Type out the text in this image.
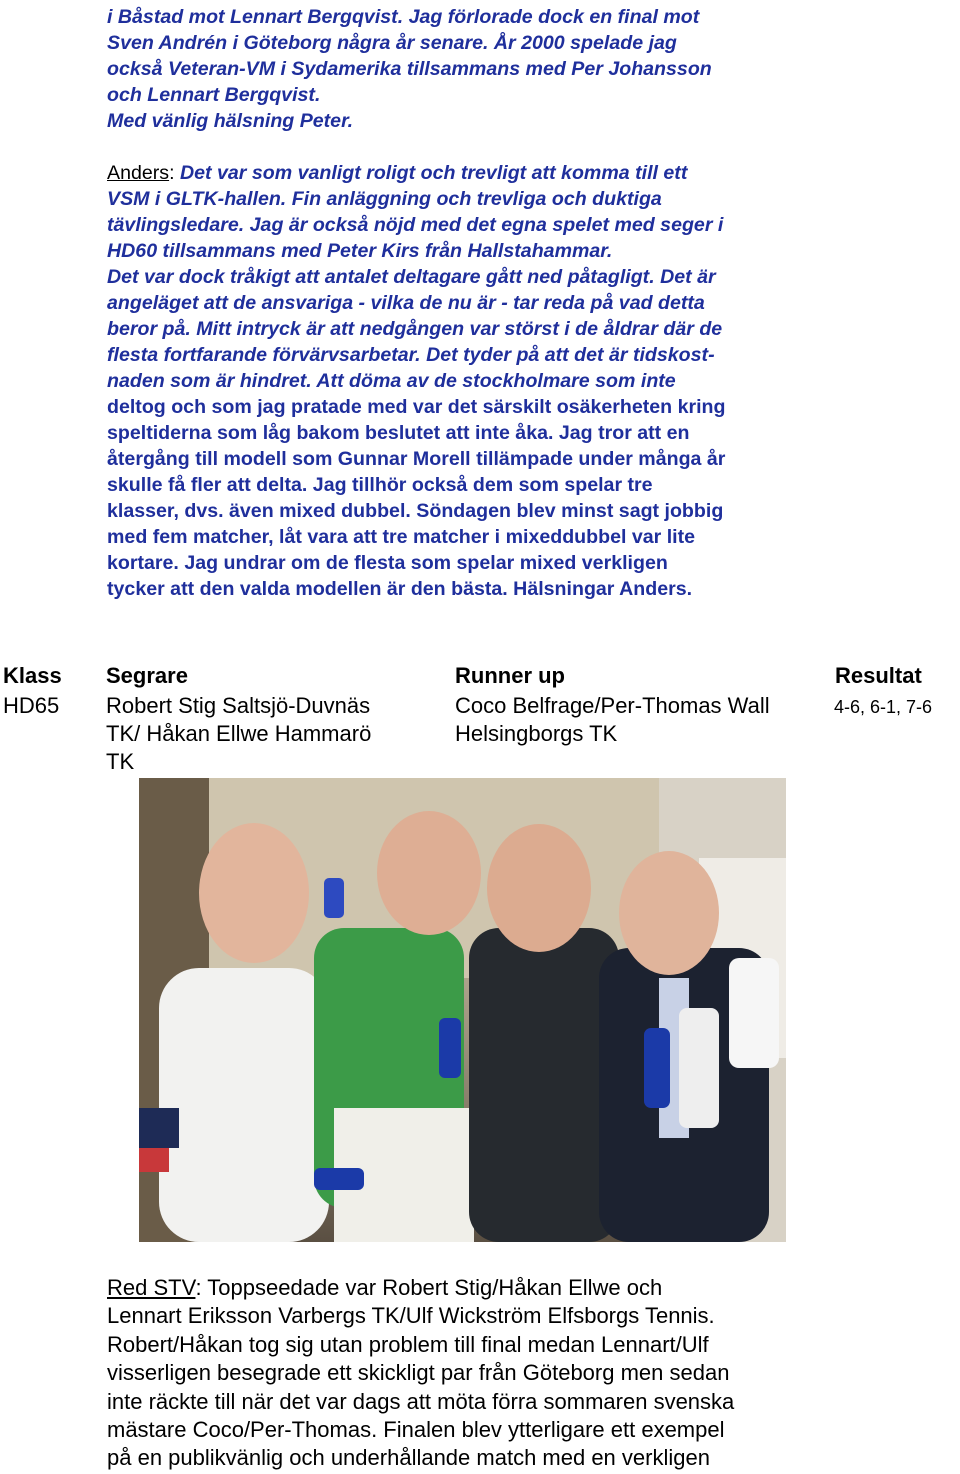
i Båstad mot Lennart Bergqvist. Jag förlorade dock en final mot
Sven Andrén i Göteborg några år senare. År 2000 spelade jag
också Veteran-VM i Sydamerika tillsammans med Per Johansson
och Lennart Bergqvist.
Med vänlig hälsning Peter.
Anders: Det var som vanligt roligt och trevligt att komma till ett
VSM i GLTK-hallen. Fin anläggning och trevliga och duktiga
tävlingsledare. Jag är också nöjd med det egna spelet med seger i
HD60 tillsammans med Peter Kirs från Hallstahammar.
Det var dock tråkigt att antalet deltagare gått ned påtagligt. Det är
angeläget att de ansvariga - vilka de nu är - tar reda på vad detta
beror på. Mitt intryck är att nedgången var störst i de åldrar där de
flesta fortfarande förvärvsarbetar. Det tyder på att det är tidskost-
naden som är hindret. Att döma av de stockholmare som inte
deltog och som jag pratade med var det särskilt osäkerheten kring
speltiderna som låg bakom beslutet att inte åka. Jag tror att en
återgång till modell som Gunnar Morell tillämpade under många år
skulle få fler att delta. Jag tillhör också dem som spelar tre
klasser, dvs. även mixed dubbel. Söndagen blev minst sagt jobbig
med fem matcher, låt vara att tre matcher i mixeddubbel var lite
kortare. Jag undrar om de flesta som spelar mixed verkligen
tycker att den valda modellen är den bästa. Hälsningar Anders.
Klass Segrare	Runner up	Resultat
HD65 Robert Stig Saltsjö-Duvnäs
TK/ Håkan Ellwe Hammarö
TK
Coco Belfrage/Per-Thomas Wall
Helsingborgs TK
4-6, 6-1, 7-6
Red STV: Toppseedade var Robert Stig/Håkan Ellwe och
Lennart Eriksson Varbergs TK/Ulf Wickström Elfsborgs Tennis.
Robert/Håkan tog sig utan problem till final medan Lennart/Ulf
visserligen besegrade ett skickligt par från Göteborg men sedan
inte räckte till när det var dags att möta förra sommaren svenska
mästare Coco/Per-Thomas. Finalen blev ytterligare ett exempel
på en publikvänlig och underhållande match med en verkligen
